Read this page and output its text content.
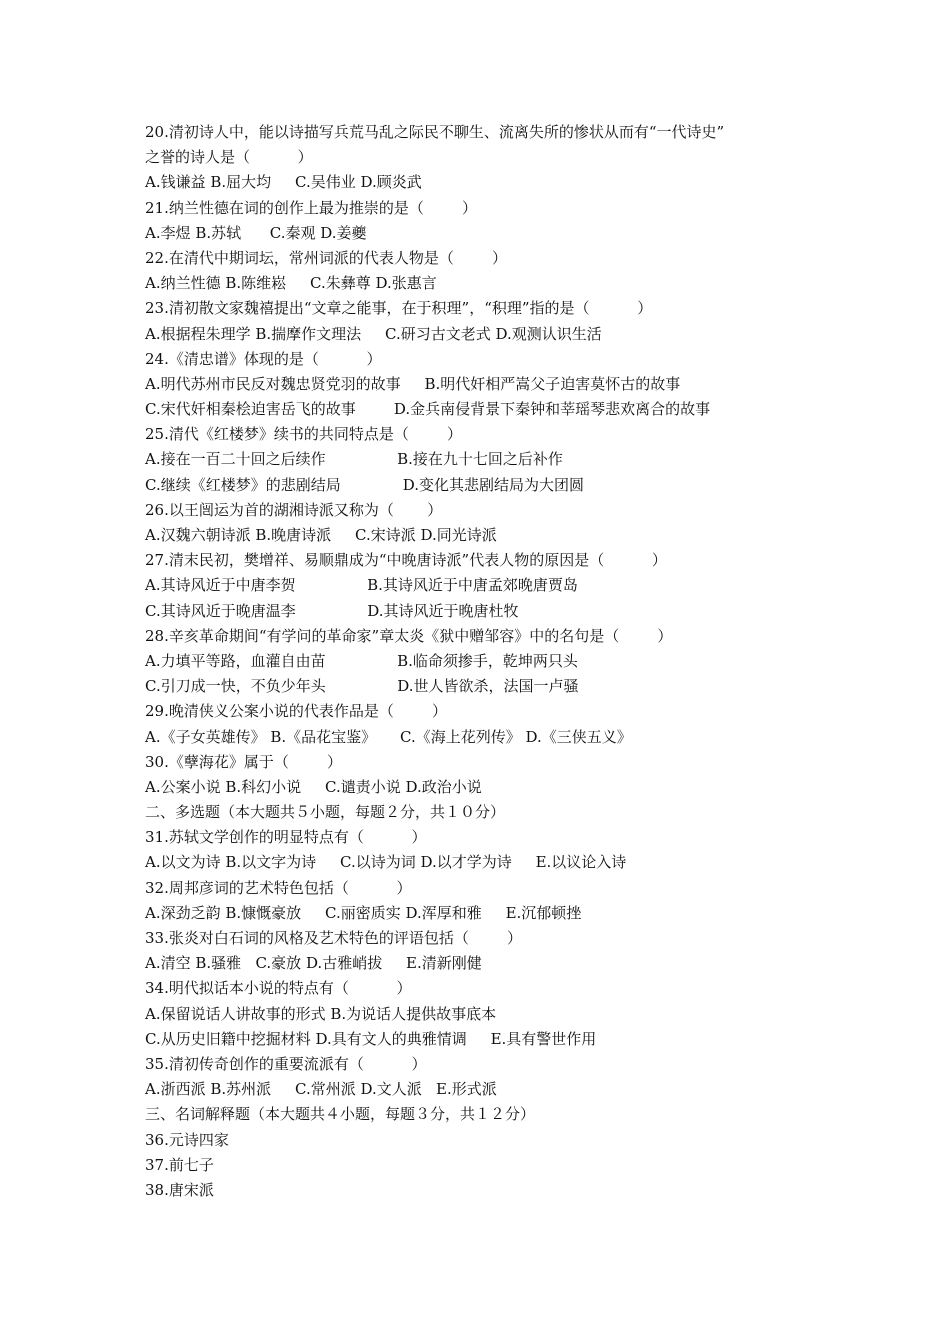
20.清初诗人中，能以诗描写兵荒马乱之际民不聊生、流离失所的惨状从而有“一代诗史”
之誉的诗人是（          ）
A.钱谦益 B.屈大均     C.吴伟业 D.顾炎武
21.纳兰性德在词的创作上最为推崇的是（        ）
A.李煜 B.苏轼      C.秦观 D.姜夔
22.在清代中期词坛，常州词派的代表人物是（        ）
A.纳兰性德 B.陈维崧     C.朱彝尊 D.张惠言
23.清初散文家魏禧提出“文章之能事，在于积理”，“积理”指的是（          ）
A.根据程朱理学 B.揣摩作文理法     C.研习古文老式 D.观测认识生活
24.《清忠谱》体现的是（          ）
A.明代苏州市民反对魏忠贤党羽的故事     B.明代奸相严嵩父子迫害莫怀古的故事
C.宋代奸相秦桧迫害岳飞的故事        D.金兵南侵背景下秦钟和莘瑶琴悲欢离合的故事
25.清代《红楼梦》续书的共同特点是（        ）
A.接在一百二十回之后续作               B.接在九十七回之后补作
C.继续《红楼梦》的悲剧结局             D.变化其悲剧结局为大团圆
26.以王闿运为首的湖湘诗派又称为（       ）
A.汉魏六朝诗派 B.晚唐诗派     C.宋诗派 D.同光诗派
27.清末民初，樊增祥、易顺鼎成为“中晚唐诗派”代表人物的原因是（          ）
A.其诗风近于中唐李贺               B.其诗风近于中唐孟郊晚唐贾岛
C.其诗风近于晚唐温李               D.其诗风近于晚唐杜牧
28.辛亥革命期间“有学问的革命家”章太炎《狱中赠邹容》中的名句是（        ）
A.力填平等路，血灌自由苗               B.临命须掺手，乾坤两只头
C.引刀成一快，不负少年头               D.世人皆欲杀，法国一卢骚
29.晚清侠义公案小说的代表作品是（        ）
A.《子女英雄传》 B.《品花宝鉴》     C.《海上花列传》 D.《三侠五义》
30.《孽海花》属于（        ）
A.公案小说 B.科幻小说     C.谴责小说 D.政治小说
二、多选题（本大题共５小题，每题２分，共１０分）
31.苏轼文学创作的明显特点有（          ）
A.以文为诗 B.以文字为诗     C.以诗为词 D.以才学为诗     E.以议论入诗
32.周邦彦词的艺术特色包括（          ）
A.深劲乏韵 B.慷慨豪放     C.丽密质实 D.浑厚和雅     E.沉郁顿挫
33.张炎对白石词的风格及艺术特色的评语包括（        ）
A.清空 B.骚雅   C.豪放 D.古雅峭拔     E.清新刚健
34.明代拟话本小说的特点有（          ）
A.保留说话人讲故事的形式 B.为说话人提供故事底本
C.从历史旧籍中挖掘材料 D.具有文人的典雅情调     E.具有警世作用
35.清初传奇创作的重要流派有（          ）
A.浙西派 B.苏州派     C.常州派 D.文人派   E.形式派
三、名词解释题（本大题共４小题，每题３分，共１２分）
36.元诗四家
37.前七子
38.唐宋派
